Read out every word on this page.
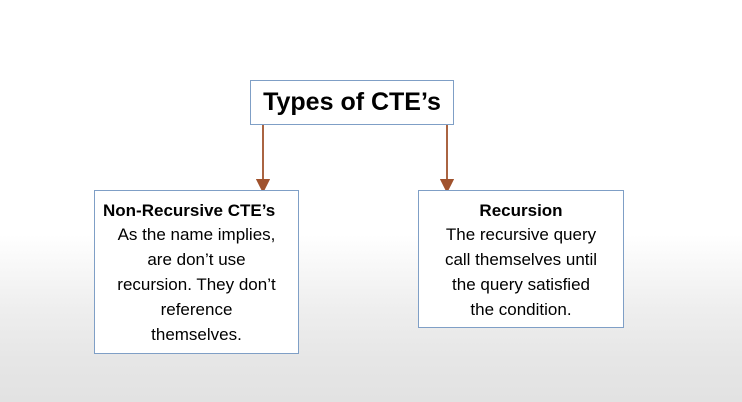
Types of CTE’s
Non-Recursive CTE’s
As the name implies,
are don’t use
recursion. They don’t
reference
themselves.
Recursion
The recursive query
call themselves until
the query satisfied
the condition.
